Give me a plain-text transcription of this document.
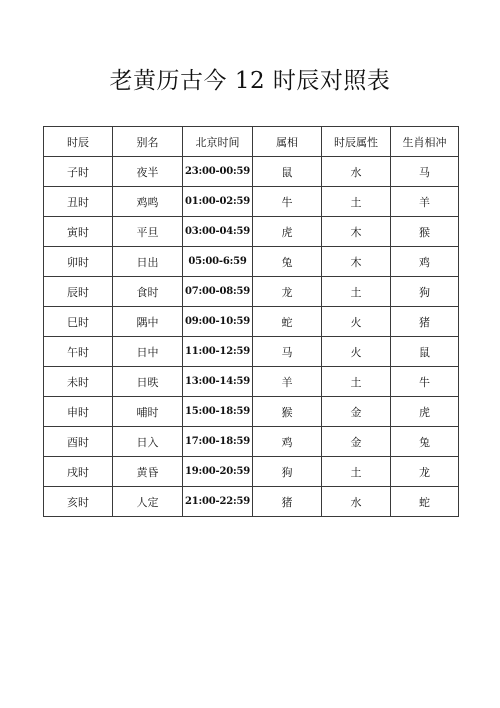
老黄历古今 12 时辰对照表
时辰	别名	北京时间	属相	时辰属性	生肖相冲
子时	夜半	23:00-00:59	鼠	水	马
丑时	鸡鸣	01:00-02:59	牛	土	羊
寅时	平旦	03:00-04:59	虎	木	猴
卯时	日出	05:00-6:59	兔	木	鸡
辰时	食时	07:00-08:59	龙	土	狗
巳时	隅中	09:00-10:59	蛇	火	猪
午时	日中	11:00-12:59	马	火	鼠
未时	日昳	13:00-14:59	羊	土	牛
申时	哺时	15:00-18:59	猴	金	虎
酉时	日入	17:00-18:59	鸡	金	兔
戌时	黄昏	19:00-20:59	狗	土	龙
亥时	人定	21:00-22:59	猪	水	蛇
